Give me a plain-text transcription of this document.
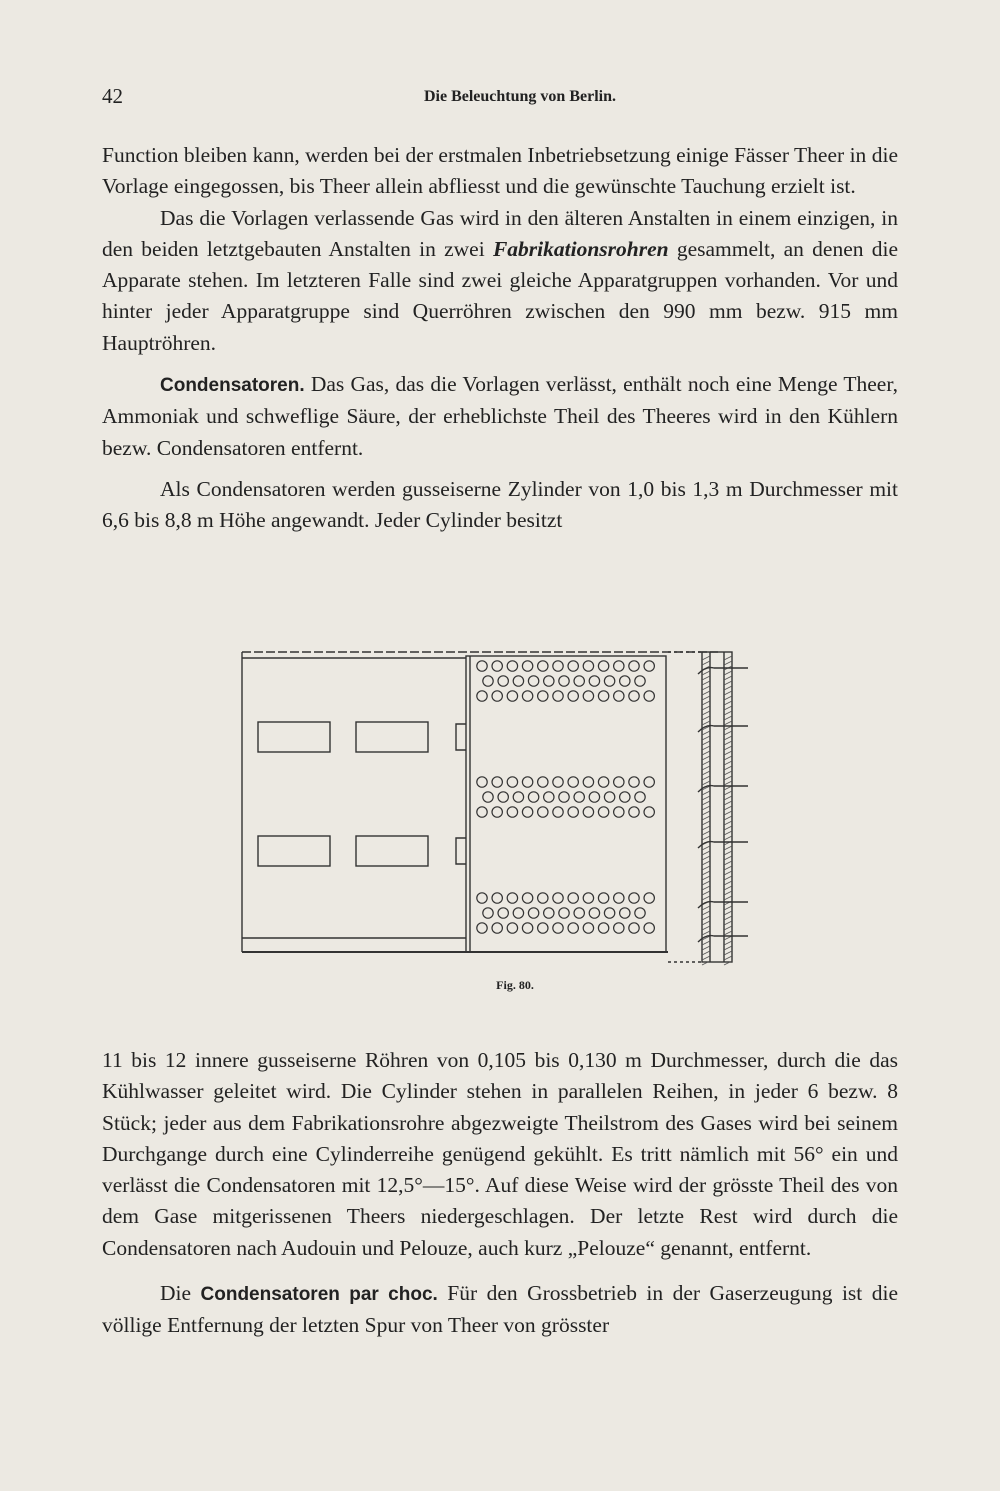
42	Die Beleuchtung von Berlin.

Function bleiben kann, werden bei der erstmalen Inbetriebsetzung einige Fässer Theer in die Vorlage eingegossen, bis Theer allein abfliesst und die gewünschte Tauchung erzielt ist.

Das die Vorlagen verlassende Gas wird in den älteren Anstalten in einem einzigen, in den beiden letztgebauten Anstalten in zwei Fabrikationsrohren gesammelt, an denen die Apparate stehen. Im letzteren Falle sind zwei gleiche Apparatgruppen vorhanden. Vor und hinter jeder Apparatgruppe sind Querröhren zwischen den 990 mm bezw. 915 mm Hauptröhren.

Condensatoren. Das Gas, das die Vorlagen verlässt, enthält noch eine Menge Theer, Ammoniak und schweflige Säure, der erheblichste Theil des Theeres wird in den Kühlern bezw. Condensatoren entfernt.

Als Condensatoren werden gusseiserne Zylinder von 1,0 bis 1,3 m Durchmesser mit 6,6 bis 8,8 m Höhe angewandt. Jeder Cylinder besitzt

Fig. 80.

11 bis 12 innere gusseiserne Röhren von 0,105 bis 0,130 m Durchmesser, durch die das Kühlwasser geleitet wird. Die Cylinder stehen in parallelen Reihen, in jeder 6 bezw. 8 Stück; jeder aus dem Fabrikationsrohre abgezweigte Theilstrom des Gases wird bei seinem Durchgange durch eine Cylinderreihe genügend gekühlt. Es tritt nämlich mit 56° ein und verlässt die Condensatoren mit 12,5°—15°. Auf diese Weise wird der grösste Theil des von dem Gase mitgerissenen Theers niedergeschlagen. Der letzte Rest wird durch die Condensatoren nach Audouin und Pelouze, auch kurz „Pelouze“ genannt, entfernt.

Die Condensatoren par choc. Für den Grossbetrieb in der Gaserzeugung ist die völlige Entfernung der letzten Spur von Theer von grösster
